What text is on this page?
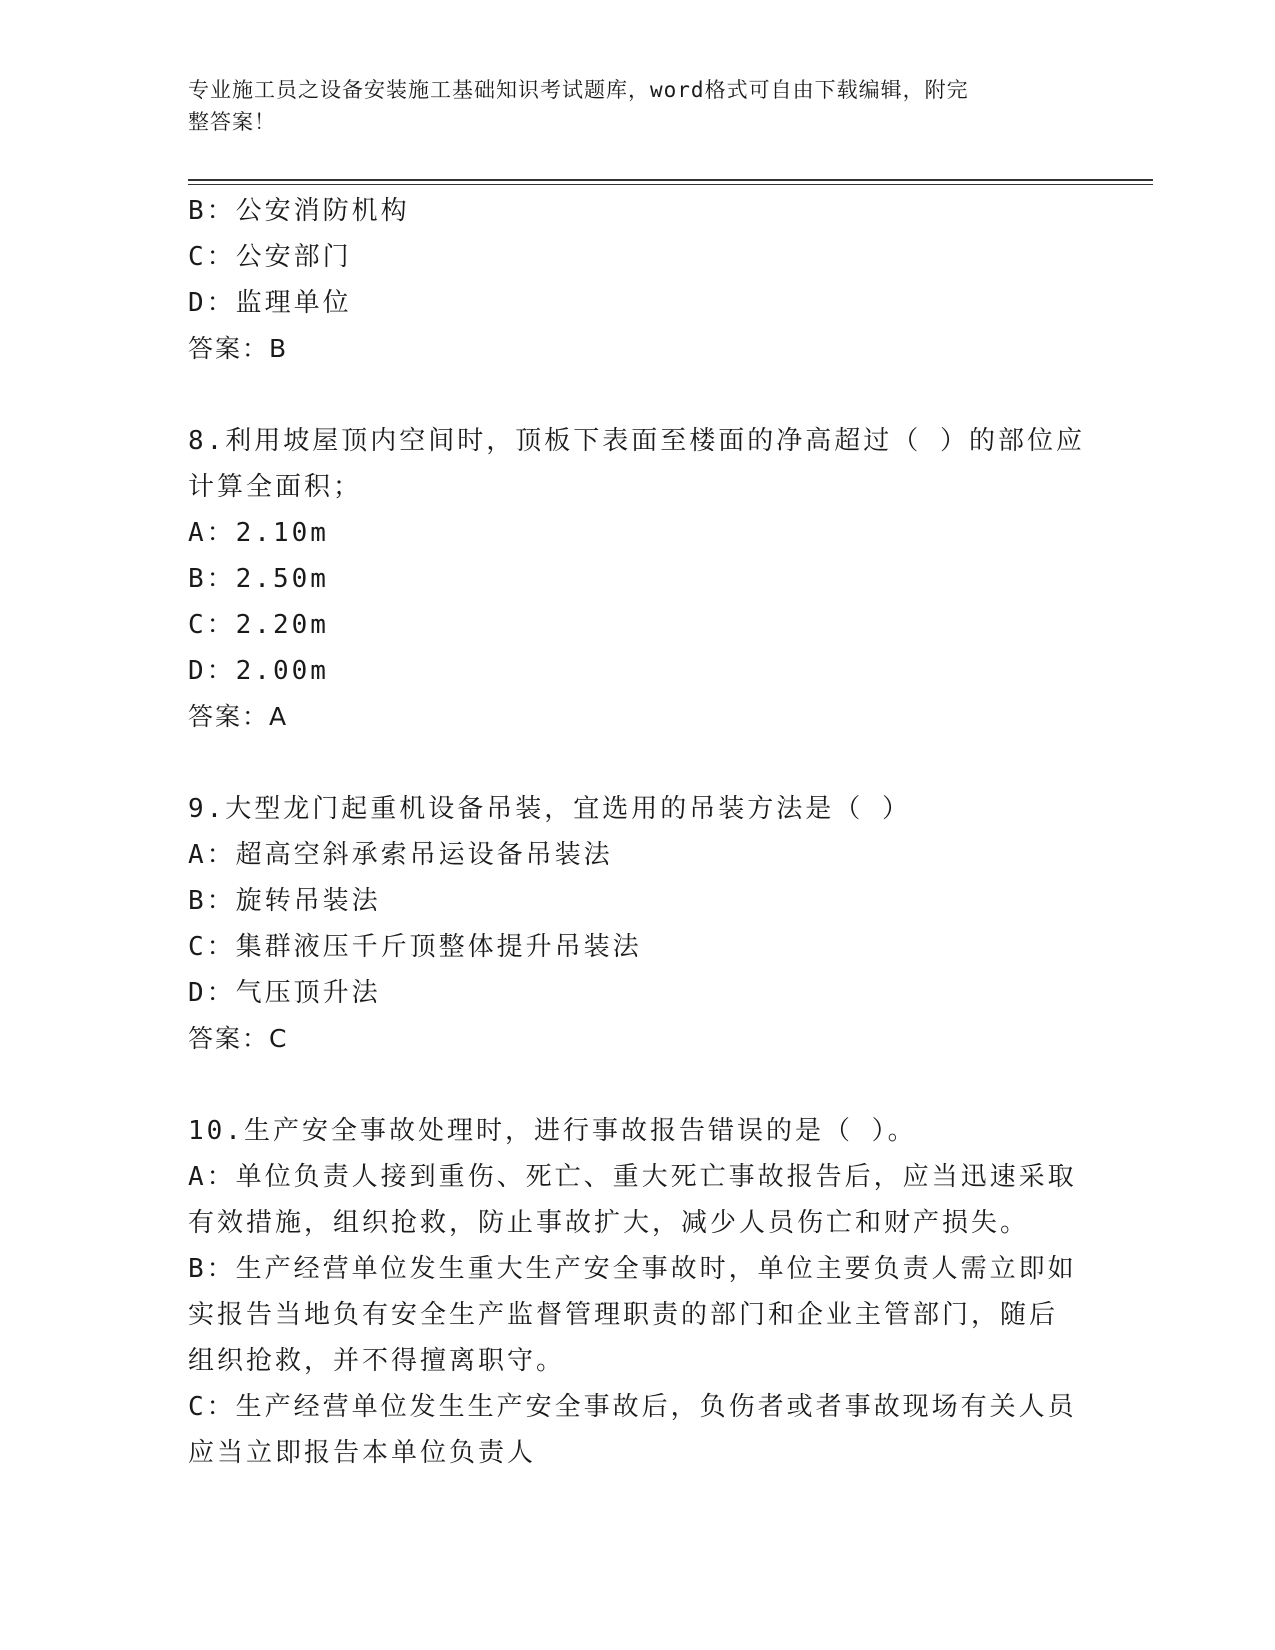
专业施工员之设备安装施工基础知识考试题库，word格式可自由下载编辑，附完
整答案！
B：公安消防机构
C：公安部门
D：监理单位
答案：B
8.利用坡屋顶内空间时，顶板下表面至楼面的净高超过（ ）的部位应
计算全面积；
A：2.10m
B：2.50m
C：2.20m
D：2.00m
答案：A
9.大型龙门起重机设备吊装，宜选用的吊装方法是（ ）
A：超高空斜承索吊运设备吊装法
B：旋转吊装法
C：集群液压千斤顶整体提升吊装法
D：气压顶升法
答案：C
10.生产安全事故处理时，进行事故报告错误的是（ ）。
A：单位负责人接到重伤、死亡、重大死亡事故报告后，应当迅速采取
有效措施，组织抢救，防止事故扩大，减少人员伤亡和财产损失。
B：生产经营单位发生重大生产安全事故时，单位主要负责人需立即如
实报告当地负有安全生产监督管理职责的部门和企业主管部门，随后
组织抢救，并不得擅离职守。
C：生产经营单位发生生产安全事故后，负伤者或者事故现场有关人员
应当立即报告本单位负责人
